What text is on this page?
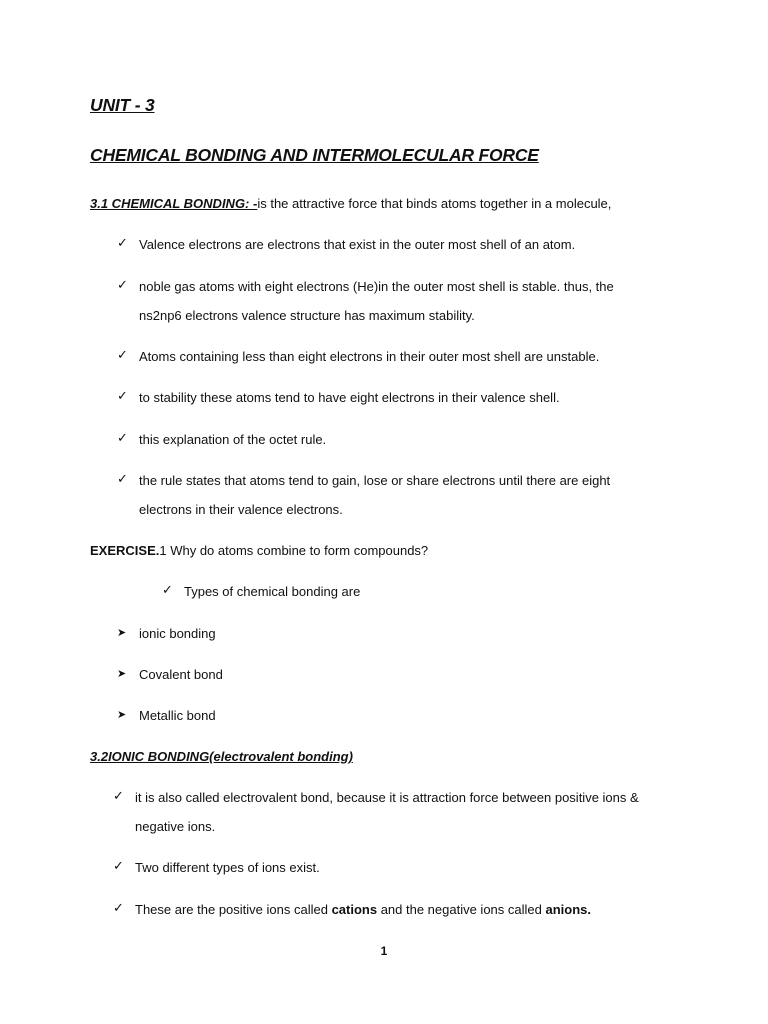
UNIT - 3
CHEMICAL BONDING AND INTERMOLECULAR FORCE
3.1 CHEMICAL BONDING: -is the attractive force that binds atoms together in a molecule,
✓ Valence electrons are electrons that exist in the outer most shell of an atom.
✓ noble gas atoms with eight electrons (He)in the outer most shell is stable. thus, the
ns2np6 electrons valence structure has maximum stability.
✓ Atoms containing less than eight electrons in their outer most shell are unstable.
✓ to stability these atoms tend to have eight electrons in their valence shell.
✓ this explanation of the octet rule.
✓ the rule states that atoms tend to gain, lose or share electrons until there are eight
electrons in their valence electrons.
EXERCISE.1 Why do atoms combine to form compounds?
✓ Types of chemical bonding are
➤ ionic bonding
➤ Covalent bond
➤ Metallic bond
3.2IONIC BONDING(electrovalent bonding)
✓ it is also called electrovalent bond, because it is attraction force between positive ions &
negative ions.
✓ Two different types of ions exist.
✓ These are the positive ions called cations and the negative ions called anions.
1
